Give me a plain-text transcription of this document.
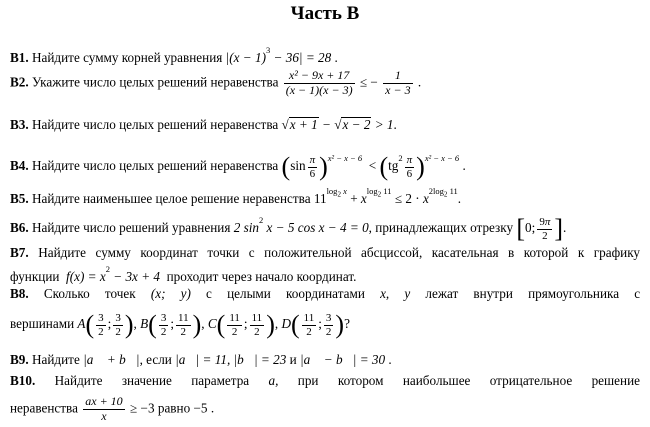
Часть В
В1. Найдите сумму корней уравнения $|(x - 1)^3 - 36| = 28$ .
В2. Укажите число целых решений неравенства $\frac{\text{x² − 9x + 17}}{(x - 1)(x - 3)}$ ≤ − $\frac{1}{x - 3}$ .
В3. Найдите число целых решений неравенства √x + 1 − √x − 2 > 1.
В4. Найдите число целых решений неравенства $(\sin \frac{\pi}{6} )^{x^2 - x - 6} < (tg^2 \frac{\pi}{6} )^{x^2 - x - 6}$ .
В5. Найдите наименьшее целое решение неравенства $11^{log_2 x} + x^{log_2 11} \le 2 \cdot x^{2log_2 11}$.
В6. Найдите число решений уравнения 2 $\sin^2 x - 5$ cos x − 4 = 0, принадлежащих отрезку [0; $\frac{9\pi}{2}$ ].
В7. Найдите сумму координат точки с положительной абсциссой, касательная в которой к графику
функции $f(x) = x^2 - 3x + 4$ проходит через начало координат.
В8. Сколько точек (x; y) с целыми координатами x, y лежат внутри прямоугольника с
вершинами $A( \frac{3}{2}$ ; $\frac{3}{2}$ ), $B( \frac{3}{2}$ ; $\frac{11}{2}$ ), $C( \frac{11}{2}$ ; $\frac{11}{2}$ ), $D( \frac{11}{2}$ ; $\frac{3}{2}$ )?
В9. Найдите |a⃗ + b⃗|, если |a⃗| = 11, |b⃗| = 23 и |a⃗ − b⃗| = 30 .
В10. Найдите значение параметра a, при котором наибольшее отрицательное решение
неравенства $\frac{ax + 10}{x} \ge -3$ равно −5 .
